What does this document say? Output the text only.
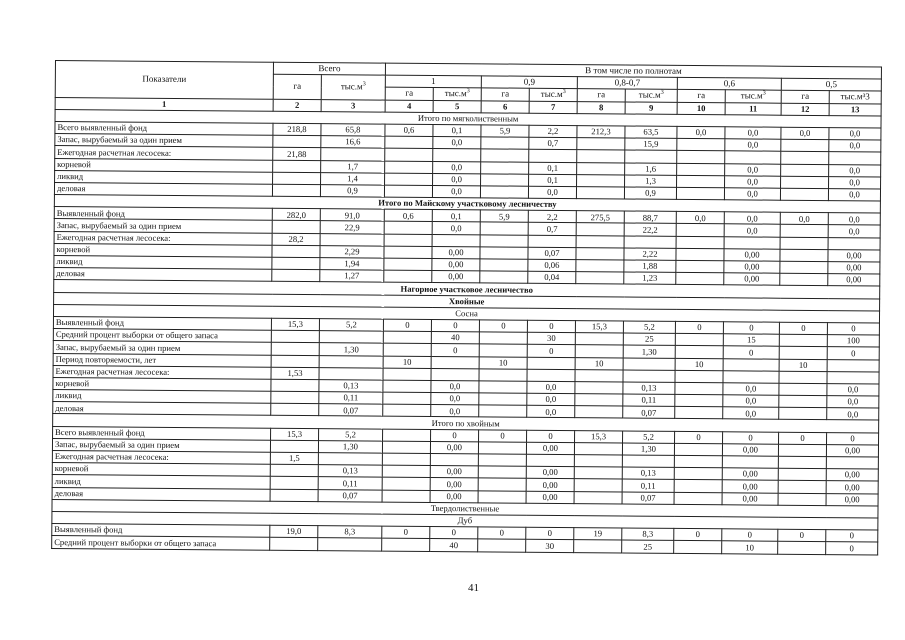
Показатели	Всего		В том числе по полнотам									
	га	$тыс.м^3$	1		0,9		0,8-0,7		0,6		0,5	
			га	$тыс.м^3$	га	$тыс.м^3$	га	$тыс.м^3$	га	$тыс.м^3$	га	тыс.м³3
1	2	3	4	5	6	7	8	9	10	11	12	13
Итого по мягколиственным												
Всего выявленный фонд	218,8	65,8	0,6	0,1	5,9	2,2	212,3	63,5	0,0	0,0	0,0	0,0
Запас, вырубаемый за один прием		16,6		0,0		0,7		15,9		0,0		0,0
Ежегодная расчетная лесосека:	21,88											
корневой		1,7		0,0		0,1		1,6		0,0		0,0
ликвид		1,4		0,0		0,1		1,3		0,0		0,0
деловая		0,9		0,0		0,0		0,9		0,0		0,0
Итого по Майскому участковому лесничеству												
Выявленный фонд	282,0	91,0	0,6	0,1	5,9	2,2	275,5	88,7	0,0	0,0	0,0	0,0
Запас, вырубаемый за один прием		22,9		0,0		0,7		22,2		0,0		0,0
Ежегодная расчетная лесосека:	28,2											
корневой		2,29		0,00		0,07		2,22		0,00		0,00
ликвид		1,94		0,00		0,06		1,88		0,00		0,00
деловая		1,27		0,00		0,04		1,23		0,00		0,00
Нагорное участковое лесничество												
Хвойные												
Сосна												
Выявленный фонд	15,3	5,2	0	0	0	0	15,3	5,2	0	0	0	0
Средний процент выборки от общего запаса				40		30		25		15		100
Запас, вырубаемый за один прием		1,30		0		0		1,30		0		0
Период повторяемости, лет			10		10		10		10		10	
Ежегодная расчетная лесосека:	1,53											
корневой		0,13		0,0		0,0		0,13		0,0		0,0
ликвид		0,11		0,0		0,0		0,11		0,0		0,0
деловая		0,07		0,0		0,0		0,07		0,0		0,0
Итого по хвойным												
Всего выявленный фонд	15,3	5,2		0	0	0	15,3	5,2	0	0	0	0
Запас, вырубаемый за один прием		1,30		0,00		0,00		1,30		0,00		0,00
Ежегодная расчетная лесосека:	1,5											
корневой		0,13		0,00		0,00		0,13		0,00		0,00
ликвид		0,11		0,00		0,00		0,11		0,00		0,00
деловая		0,07		0,00		0,00		0,07		0,00		0,00
Твердолиственные												
Дуб												
Выявленный фонд	19,0	8,3	0	0	0	0	19	8,3	0	0	0	0
Средний процент выборки от общего запаса				40		30		25		10		0
41
